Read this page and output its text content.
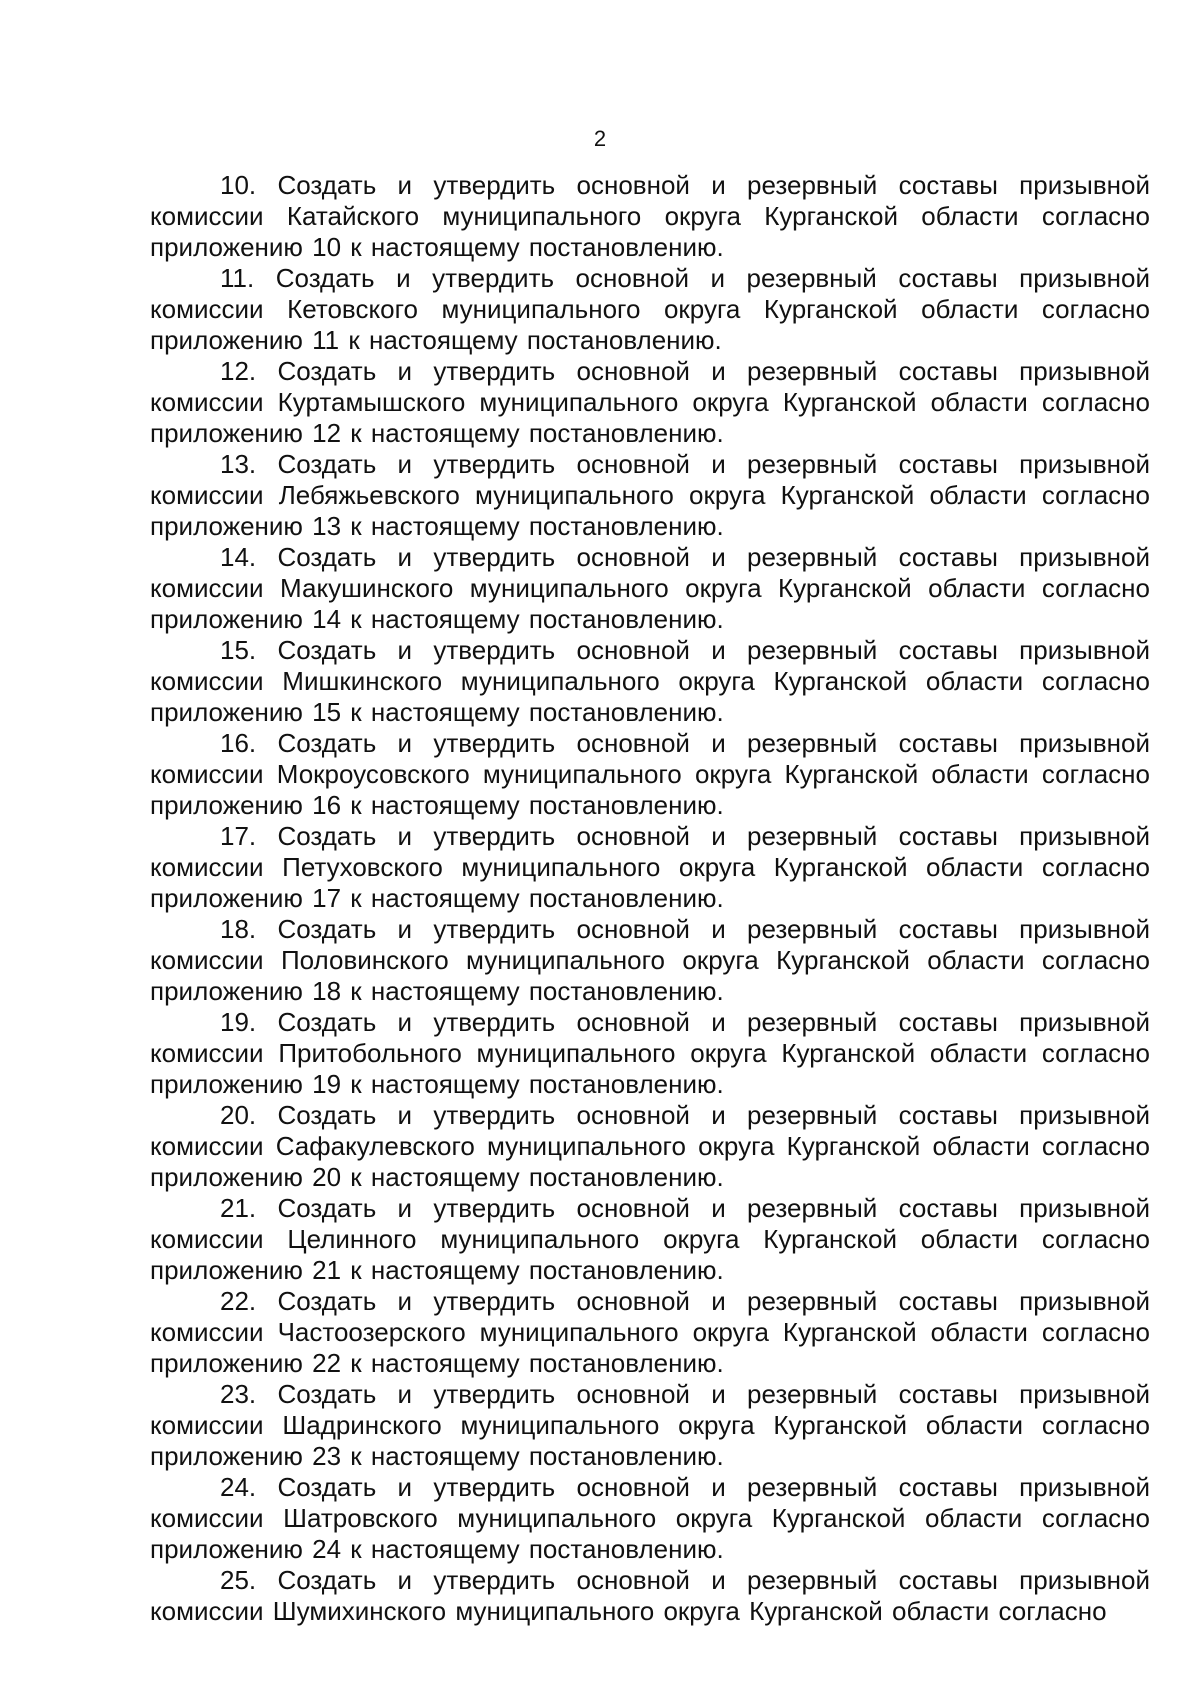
2

10. Создать и утвердить основной и резервный составы призывной комиссии Катайского муниципального округа Курганской области согласно приложению 10 к настоящему постановлению.

11. Создать и утвердить основной и резервный составы призывной комиссии Кетовского муниципального округа Курганской области согласно приложению 11 к настоящему постановлению.

12. Создать и утвердить основной и резервный составы призывной комиссии Куртамышского муниципального округа Курганской области согласно приложению 12 к настоящему постановлению.

13. Создать и утвердить основной и резервный составы призывной комиссии Лебяжьевского муниципального округа Курганской области согласно приложению 13 к настоящему постановлению.

14. Создать и утвердить основной и резервный составы призывной комиссии Макушинского муниципального округа Курганской области согласно приложению 14 к настоящему постановлению.

15. Создать и утвердить основной и резервный составы призывной комиссии Мишкинского муниципального округа Курганской области согласно приложению 15 к настоящему постановлению.

16. Создать и утвердить основной и резервный составы призывной комиссии Мокроусовского муниципального округа Курганской области согласно приложению 16 к настоящему постановлению.

17. Создать и утвердить основной и резервный составы призывной комиссии Петуховского муниципального округа Курганской области согласно приложению 17 к настоящему постановлению.

18. Создать и утвердить основной и резервный составы призывной комиссии Половинского муниципального округа Курганской области согласно приложению 18 к настоящему постановлению.

19. Создать и утвердить основной и резервный составы призывной комиссии Притобольного муниципального округа Курганской области согласно приложению 19 к настоящему постановлению.

20. Создать и утвердить основной и резервный составы призывной комиссии Сафакулевского муниципального округа Курганской области согласно приложению 20 к настоящему постановлению.

21. Создать и утвердить основной и резервный составы призывной комиссии Целинного муниципального округа Курганской области согласно приложению 21 к настоящему постановлению.

22. Создать и утвердить основной и резервный составы призывной комиссии Частоозерского муниципального округа Курганской области согласно приложению 22 к настоящему постановлению.

23. Создать и утвердить основной и резервный составы призывной комиссии Шадринского муниципального округа Курганской области согласно приложению 23 к настоящему постановлению.

24. Создать и утвердить основной и резервный составы призывной комиссии Шатровского муниципального округа Курганской области согласно приложению 24 к настоящему постановлению.

25. Создать и утвердить основной и резервный составы призывной комиссии Шумихинского муниципального округа Курганской области согласно
